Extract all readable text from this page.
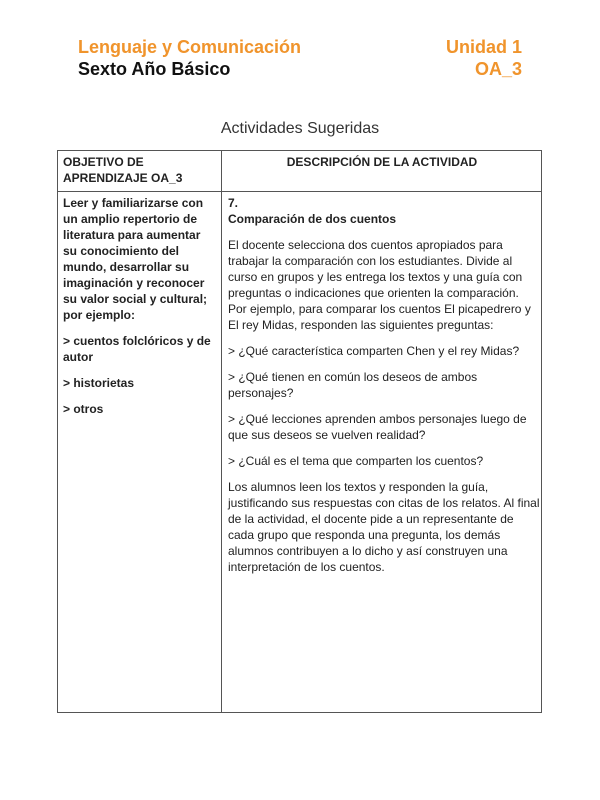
Lenguaje y Comunicación	Unidad 1
Sexto Año Básico	OA_3
Actividades Sugeridas
OBJETIVO DE APRENDIZAJE OA_3
DESCRIPCIÓN DE LA ACTIVIDAD

Leer y familiarizarse con un amplio repertorio de literatura para aumentar su conocimiento del mundo, desarrollar su imaginación y reconocer su valor social y cultural; por ejemplo:

> cuentos folclóricos y de autor

> historietas

> otros

7.

Comparación de dos cuentos

El docente selecciona dos cuentos apropiados para trabajar la comparación con los estudiantes. Divide al curso en grupos y les entrega los textos y una guía con preguntas o indicaciones que orienten la comparación. Por ejemplo, para comparar los cuentos El picapedrero y El rey Midas, responden las siguientes preguntas:

> ¿Qué característica comparten Chen y el rey Midas?

> ¿Qué tienen en común los deseos de ambos personajes?

> ¿Qué lecciones aprenden ambos personajes luego de que sus deseos se vuelven realidad?

> ¿Cuál es el tema que comparten los cuentos?

Los alumnos leen los textos y responden la guía, justificando sus respuestas con citas de los relatos. Al final de la actividad, el docente pide a un representante de cada grupo que responda una pregunta, los demás alumnos contribuyen a lo dicho y así construyen una interpretación de los cuentos.
